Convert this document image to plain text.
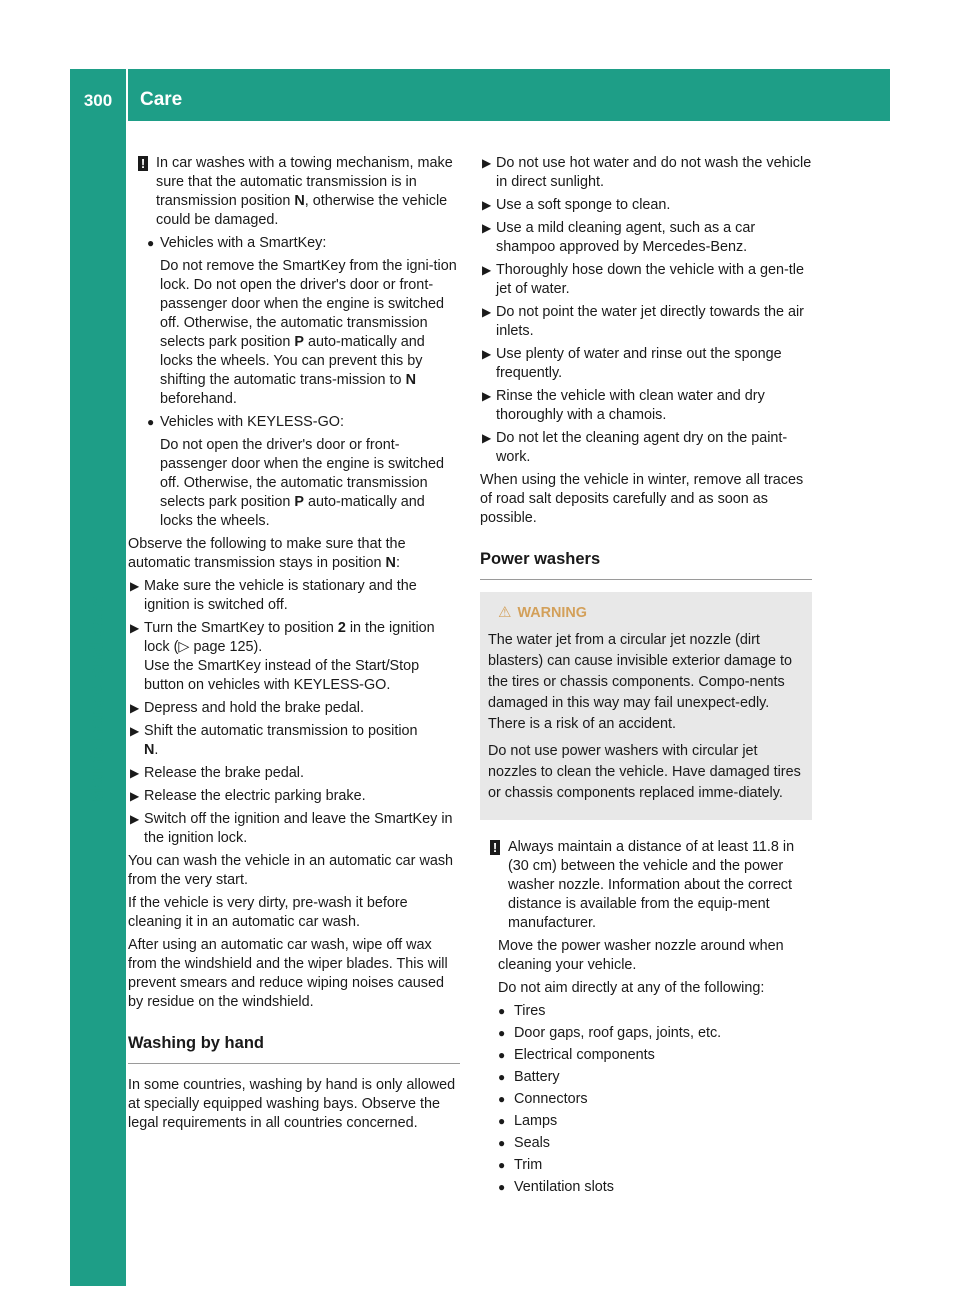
300	Care
Maintenance and care
! In car washes with a towing mechanism, make sure that the automatic transmission is in transmission position N, otherwise the vehicle could be damaged.
● Vehicles with a SmartKey:
Do not remove the SmartKey from the igni-tion lock. Do not open the driver's door or front-passenger door when the engine is switched off. Otherwise, the automatic transmission selects park position P auto-matically and locks the wheels. You can prevent this by shifting the automatic trans-mission to N beforehand.
● Vehicles with KEYLESS-GO:
Do not open the driver's door or front-passenger door when the engine is switched off. Otherwise, the automatic transmission selects park position P auto-matically and locks the wheels.

Observe the following to make sure that the automatic transmission stays in position N:

▶ Make sure the vehicle is stationary and the ignition is switched off.
▶ Turn the SmartKey to position 2 in the ignition lock (▷ page 125).
Use the SmartKey instead of the Start/Stop button on vehicles with KEYLESS-GO.
▶ Depress and hold the brake pedal.
▶ Shift the automatic transmission to position
N.
▶ Release the brake pedal.
▶ Release the electric parking brake.
▶ Switch off the ignition and leave the SmartKey in the ignition lock.

You can wash the vehicle in an automatic car wash from the very start.

If the vehicle is very dirty, pre-wash it before cleaning it in an automatic car wash.

After using an automatic car wash, wipe off wax from the windshield and the wiper blades. This will prevent smears and reduce wiping noises caused by residue on the windshield.

Washing by hand

In some countries, washing by hand is only allowed at specially equipped washing bays. Observe the legal requirements in all countries concerned.

▶ Do not use hot water and do not wash the vehicle in direct sunlight.
▶ Use a soft sponge to clean.
▶ Use a mild cleaning agent, such as a car shampoo approved by Mercedes-Benz.
▶ Thoroughly hose down the vehicle with a gen-tle jet of water.
▶ Do not point the water jet directly towards the air inlets.
▶ Use plenty of water and rinse out the sponge frequently.
▶ Rinse the vehicle with clean water and dry thoroughly with a chamois.
▶ Do not let the cleaning agent dry on the paint-work.

When using the vehicle in winter, remove all traces of road salt deposits carefully and as soon as possible.

Power washers
⚠ WARNING

The water jet from a circular jet nozzle (dirt blasters) can cause invisible exterior damage to the tires or chassis components. Compo-nents damaged in this way may fail unexpect-edly. There is a risk of an accident.

Do not use power washers with circular jet nozzles to clean the vehicle. Have damaged tires or chassis components replaced imme-diately.

! Always maintain a distance of at least 11.8 in (30 cm) between the vehicle and the power washer nozzle. Information about the correct distance is available from the equip-ment manufacturer.

Move the power washer nozzle around when cleaning your vehicle.

Do not aim directly at any of the following:

● Tires
● Door gaps, roof gaps, joints, etc.
● Electrical components
● Battery
● Connectors
● Lamps
● Seals
● Trim
● Ventilation slots
